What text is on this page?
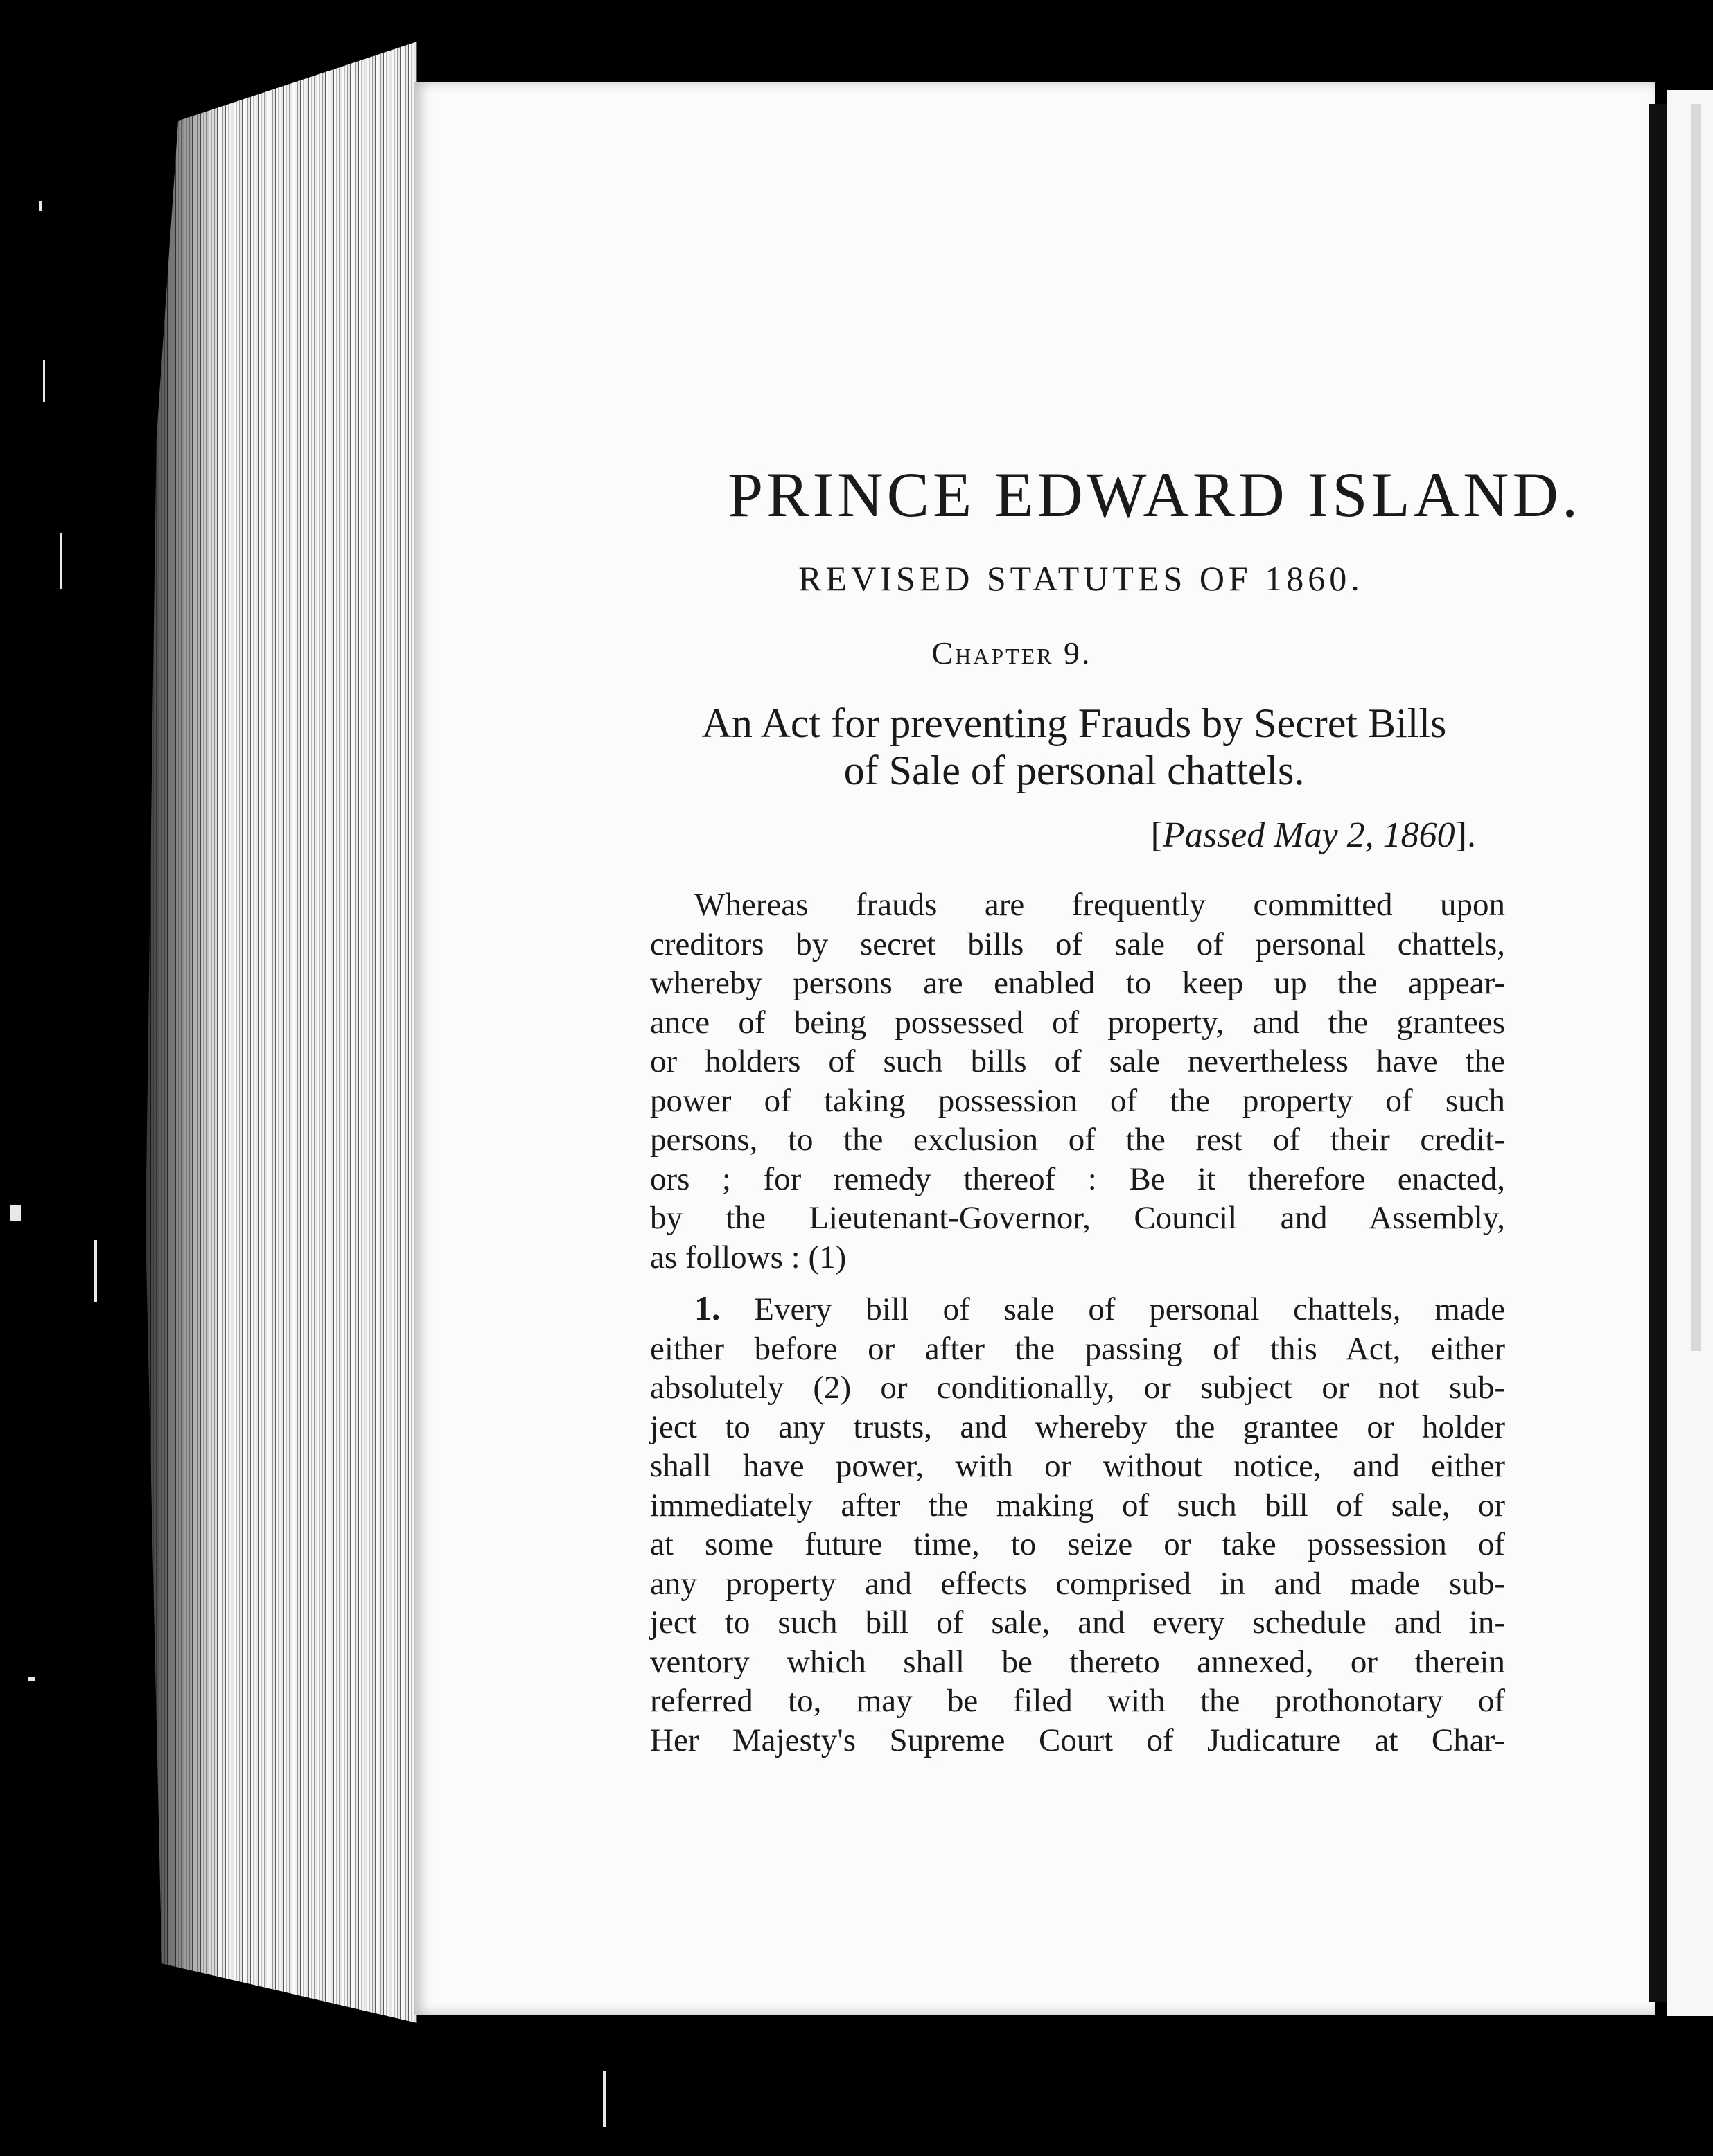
PRINCE EDWARD ISLAND.
REVISED STATUTES OF 1860.
Chapter 9.
An Act for preventing Frauds by Secret Bills
of Sale of personal chattels.
[Passed May 2, 1860].
Whereas frauds are frequently committed upon
creditors by secret bills of sale of personal chattels,
whereby persons are enabled to keep up the appear-
ance of being possessed of property, and the grantees
or holders of such bills of sale nevertheless have the
power of taking possession of the property of such
persons, to the exclusion of the rest of their credit-
ors ; for remedy thereof : Be it therefore enacted,
by the Lieutenant-Governor, Council and Assembly,
as follows : (1)
1. Every bill of sale of personal chattels, made
either before or after the passing of this Act, either
absolutely (2) or conditionally, or subject or not sub-
ject to any trusts, and whereby the grantee or holder
shall have power, with or without notice, and either
immediately after the making of such bill of sale, or
at some future time, to seize or take possession of
any property and effects comprised in and made sub-
ject to such bill of sale, and every schedule and in-
ventory which shall be thereto annexed, or therein
referred to, may be filed with the prothonotary of
Her Majesty's Supreme Court of Judicature at Char-
